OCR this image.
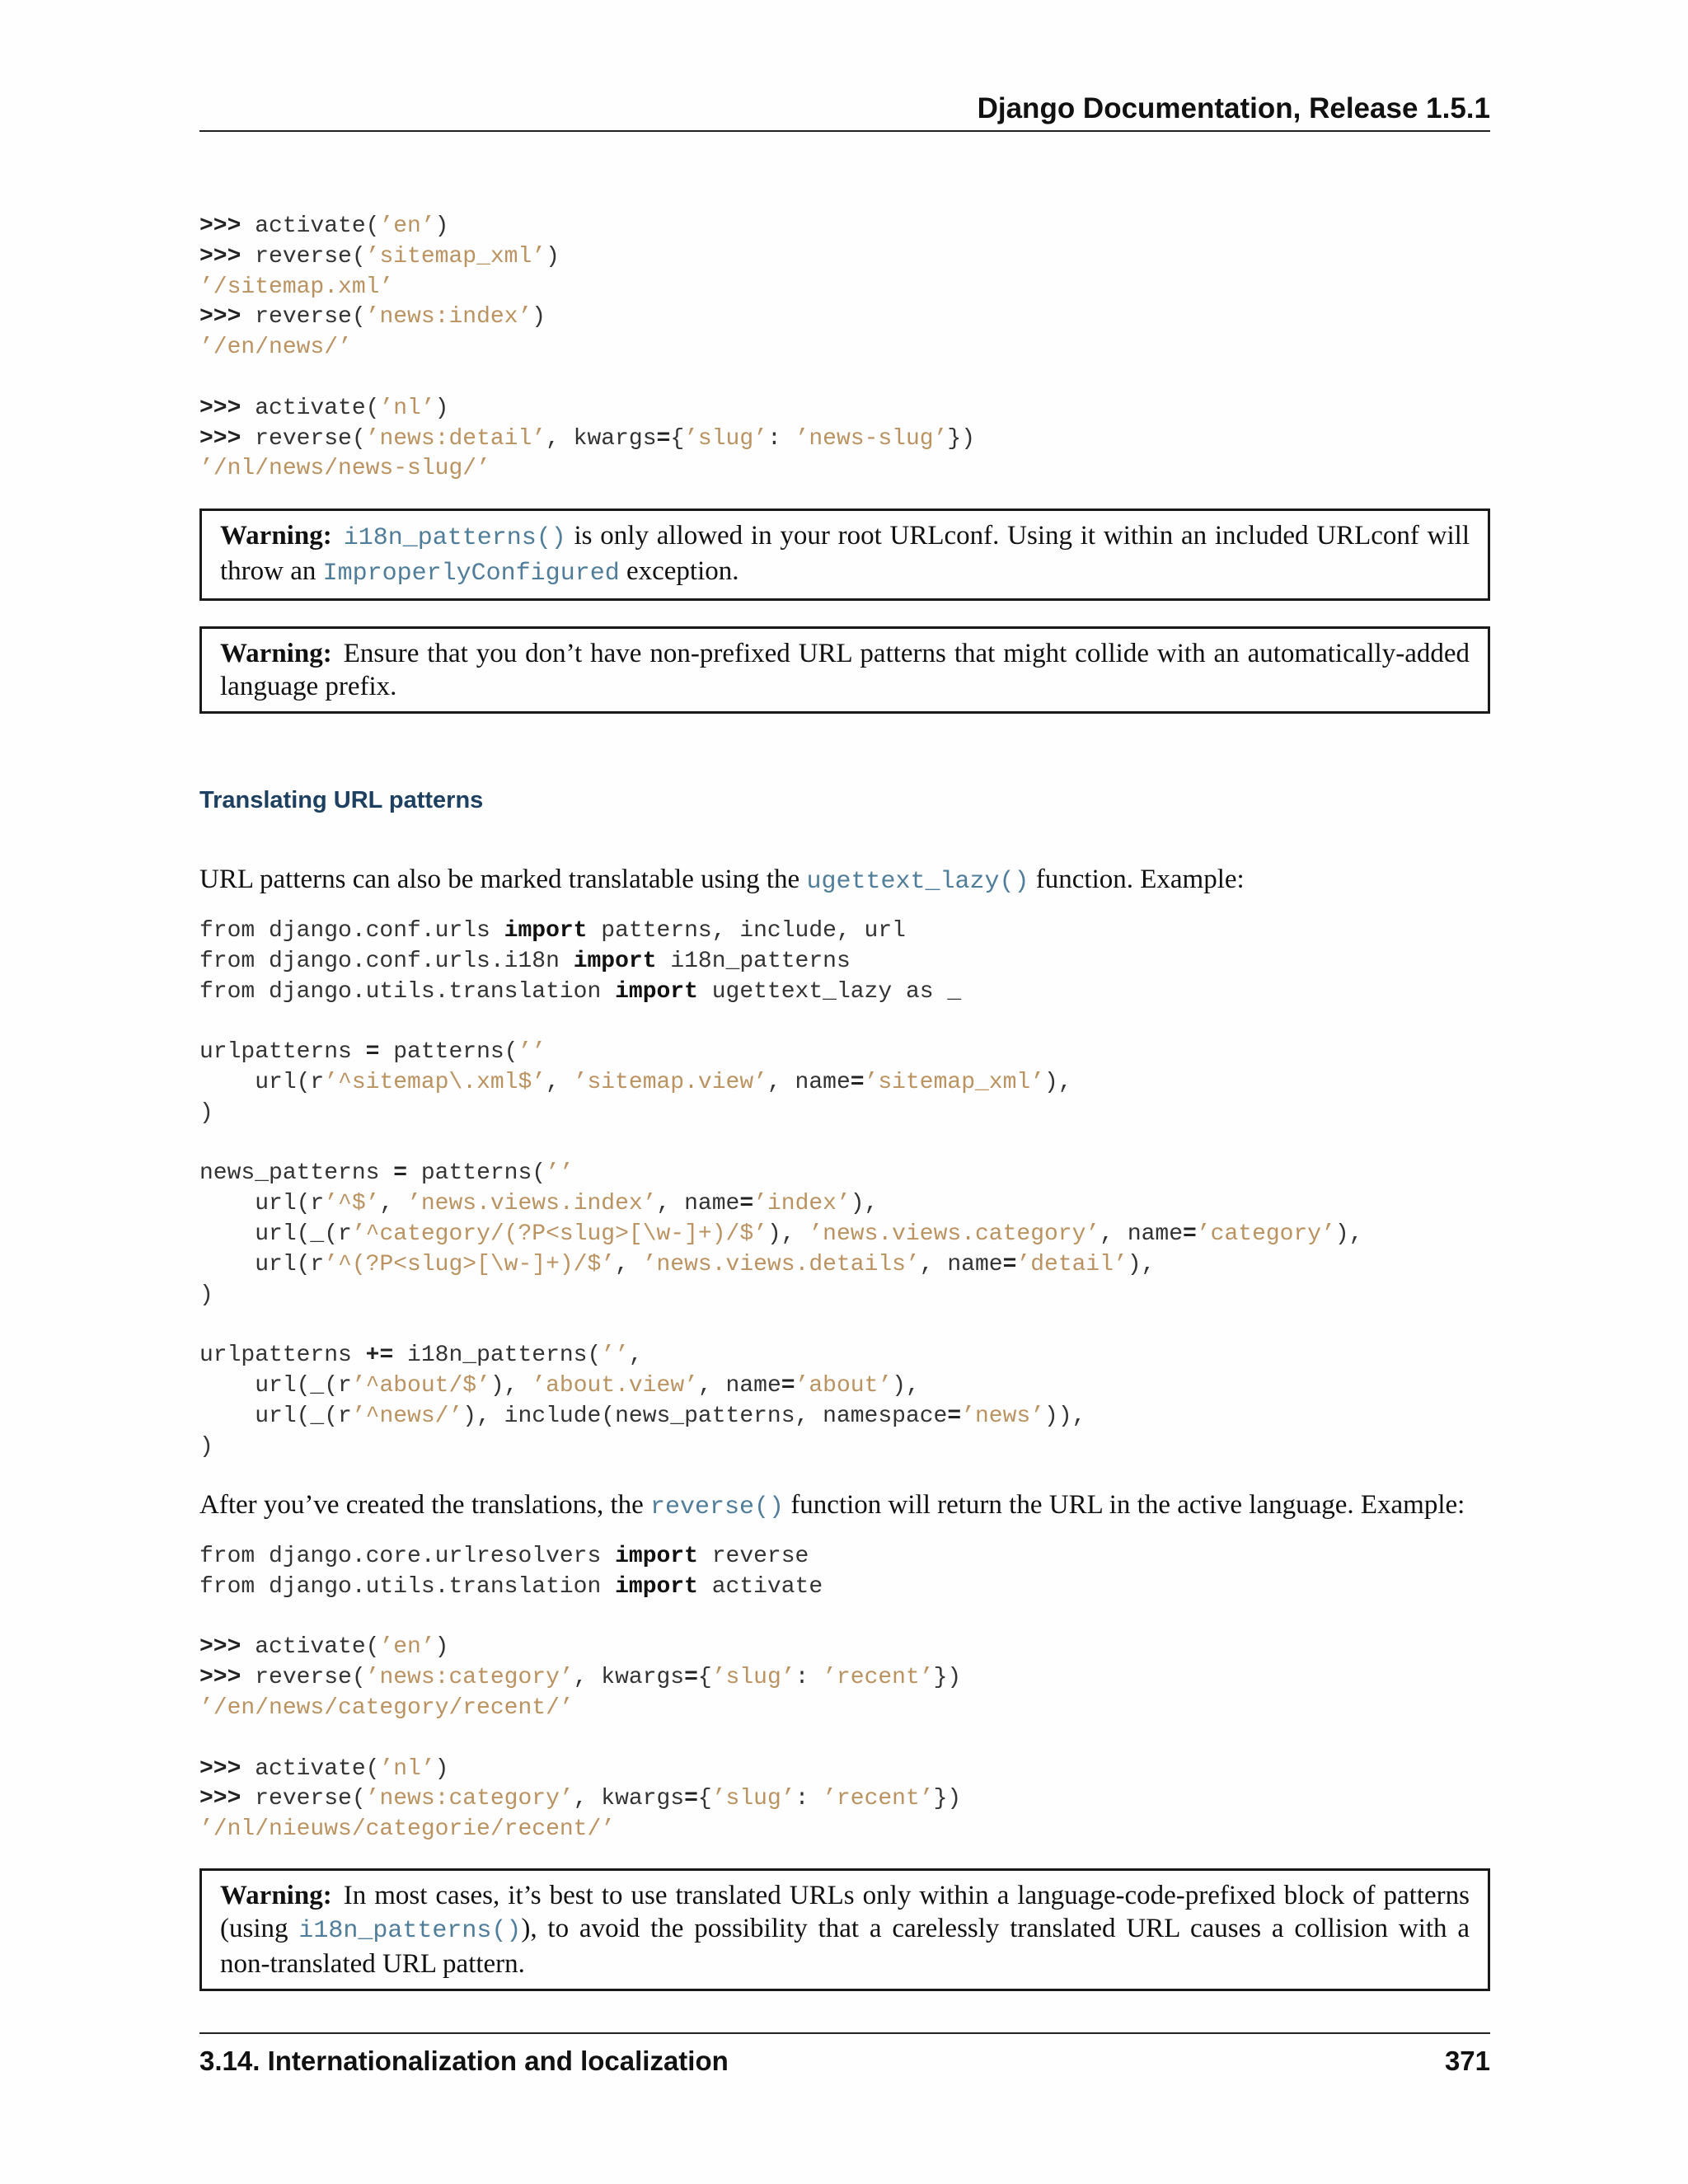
Django Documentation, Release 1.5.1
>>> activate(’en’)
>>> reverse(’sitemap_xml’)
’/sitemap.xml’
>>> reverse(’news:index’)
’/en/news/’

>>> activate(’nl’)
>>> reverse(’news:detail’, kwargs={’slug’: ’news-slug’})
’/nl/news/news-slug/’
Warning: i18n_patterns() is only allowed in your root URLconf. Using it within an included URLconf will throw an ImproperlyConfigured exception.
Warning: Ensure that you don’t have non-prefixed URL patterns that might collide with an automatically-added language prefix.
Translating URL patterns

URL patterns can also be marked translatable using the ugettext_lazy() function. Example:

from django.conf.urls import patterns, include, url
from django.conf.urls.i18n import i18n_patterns
from django.utils.translation import ugettext_lazy as _

urlpatterns = patterns(’’
url(r’^sitemap\.xml$’, ’sitemap.view’, name=’sitemap_xml’),
)

news_patterns = patterns(’’
url(r’^$’, ’news.views.index’, name=’index’),
url(_(r’^category/(?P<slug>[\w-]+)/$’), ’news.views.category’, name=’category’),
url(r’^(?P<slug>[\w-]+)/$’, ’news.views.details’, name=’detail’),
)

urlpatterns += i18n_patterns(’’,
url(_(r’^about/$’), ’about.view’, name=’about’),
url(_(r’^news/’), include(news_patterns, namespace=’news’)),
)

After you’ve created the translations, the reverse() function will return the URL in the active language. Example:

from django.core.urlresolvers import reverse
from django.utils.translation import activate

>>> activate(’en’)
>>> reverse(’news:category’, kwargs={’slug’: ’recent’})
’/en/news/category/recent/’

>>> activate(’nl’)
>>> reverse(’news:category’, kwargs={’slug’: ’recent’})
’/nl/nieuws/categorie/recent/’
Warning: In most cases, it’s best to use translated URLs only within a language-code-prefixed block of patterns (using i18n_patterns()), to avoid the possibility that a carelessly translated URL causes a collision with a non-translated URL pattern.
3.14. Internationalization and localization	371
